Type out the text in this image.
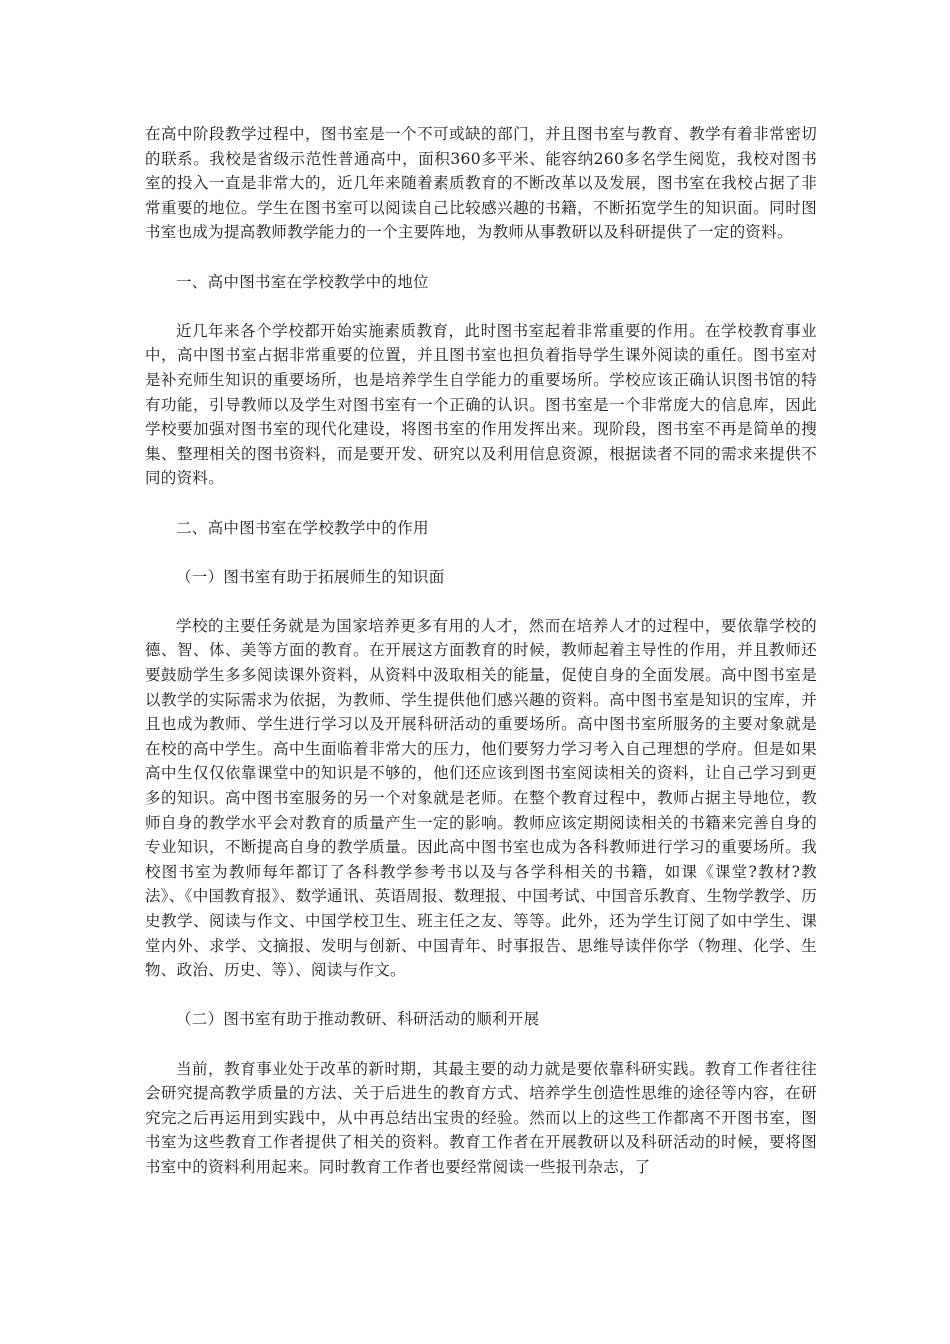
在高中阶段教学过程中，图书室是一个不可或缺的部门，并且图书室与教育、教学有着非常密切的联系。我校是省级示范性普通高中，面积360多平米、能容纳260多名学生阅览，我校对图书室的投入一直是非常大的，近几年来随着素质教育的不断改革以及发展，图书室在我校占据了非常重要的地位。学生在图书室可以阅读自己比较感兴趣的书籍，不断拓宽学生的知识面。同时图书室也成为提高教师教学能力的一个主要阵地，为教师从事教研以及科研提供了一定的资料。

一、高中图书室在学校教学中的地位

近几年来各个学校都开始实施素质教育，此时图书室起着非常重要的作用。在学校教育事业中，高中图书室占据非常重要的位置，并且图书室也担负着指导学生课外阅读的重任。图书室对是补充师生知识的重要场所，也是培养学生自学能力的重要场所。学校应该正确认识图书馆的特有功能，引导教师以及学生对图书室有一个正确的认识。图书室是一个非常庞大的信息库，因此学校要加强对图书室的现代化建设，将图书室的作用发挥出来。现阶段，图书室不再是简单的搜集、整理相关的图书资料，而是要开发、研究以及利用信息资源，根据读者不同的需求来提供不同的资料。

二、高中图书室在学校教学中的作用

（一）图书室有助于拓展师生的知识面

学校的主要任务就是为国家培养更多有用的人才，然而在培养人才的过程中，要依靠学校的德、智、体、美等方面的教育。在开展这方面教育的时候，教师起着主导性的作用，并且教师还要鼓励学生多多阅读课外资料，从资料中汲取相关的能量，促使自身的全面发展。高中图书室是以教学的实际需求为依据，为教师、学生提供他们感兴趣的资料。高中图书室是知识的宝库，并且也成为教师、学生进行学习以及开展科研活动的重要场所。高中图书室所服务的主要对象就是在校的高中学生。高中生面临着非常大的压力，他们要努力学习考入自己理想的学府。但是如果高中生仅仅依靠课堂中的知识是不够的，他们还应该到图书室阅读相关的资料，让自己学习到更多的知识。高中图书室服务的另一个对象就是老师。在整个教育过程中，教师占据主导地位，教师自身的教学水平会对教育的质量产生一定的影响。教师应该定期阅读相关的书籍来完善自身的专业知识，不断提高自身的教学质量。因此高中图书室也成为各科教师进行学习的重要场所。我校图书室为教师每年都订了各科教学参考书以及与各学科相关的书籍，如课《课堂?教材?教法》、《中国教育报》、数学通讯、英语周报、数理报、中国考试、中国音乐教育、生物学教学、历史教学、阅读与作文、中国学校卫生、班主任之友、等等。此外，还为学生订阅了如中学生、课堂内外、求学、文摘报、发明与创新、中国青年、时事报告、思维导读伴你学（物理、化学、生物、政治、历史、等）、阅读与作文。

（二）图书室有助于推动教研、科研活动的顺利开展

当前，教育事业处于改革的新时期，其最主要的动力就是要依靠科研实践。教育工作者往往会研究提高教学质量的方法、关于后进生的教育方式、培养学生创造性思维的途径等内容，在研究完之后再运用到实践中，从中再总结出宝贵的经验。然而以上的这些工作都离不开图书室，图书室为这些教育工作者提供了相关的资料。教育工作者在开展教研以及科研活动的时候，要将图书室中的资料利用起来。同时教育工作者也要经常阅读一些报刊杂志，了
